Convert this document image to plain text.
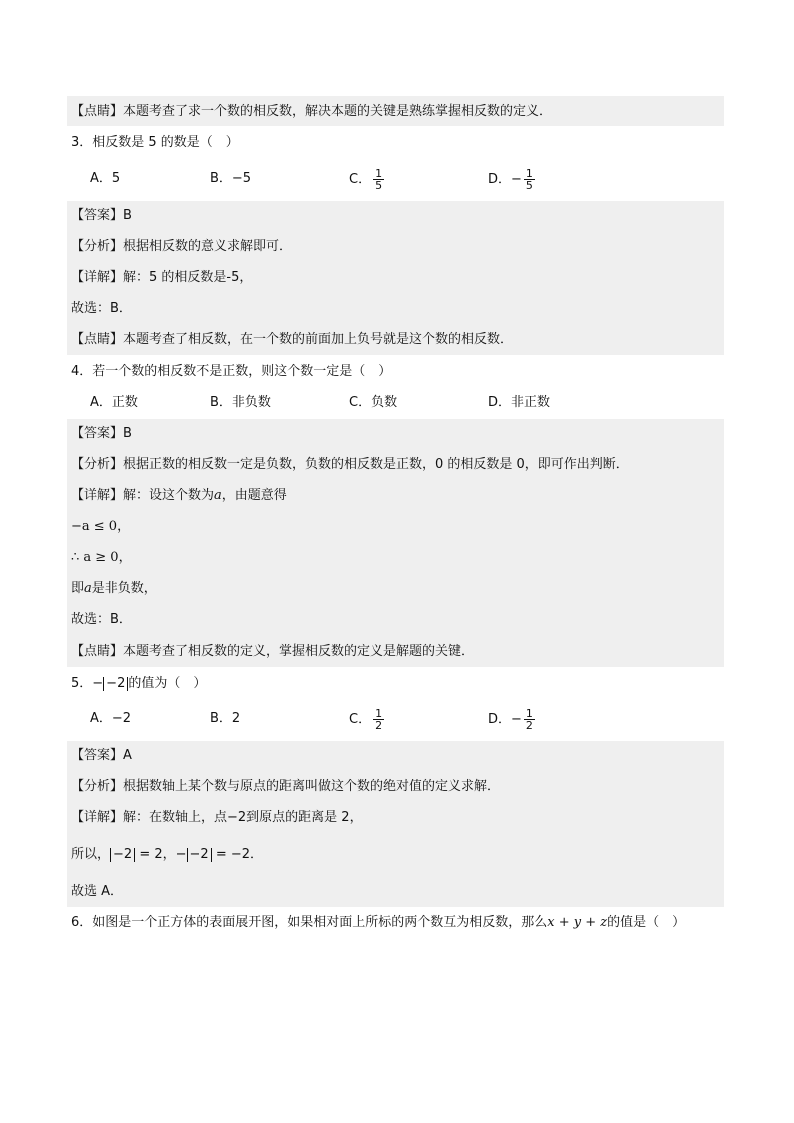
【点睛】本题考查了求一个数的相反数，解决本题的关键是熟练掌握相反数的定义．
3．相反数是 5 的数是（　）
A．5	B．−5	C． $\frac{1}{5}$	D．− $\frac{1}{5}$
【答案】B
【分析】根据相反数的意义求解即可．
【详解】解：5 的相反数是-5，
故选：B．
【点睛】本题考查了相反数，在一个数的前面加上负号就是这个数的相反数．
4．若一个数的相反数不是正数，则这个数一定是（　）
A．正数	B．非负数	C．负数	D．非正数
【答案】B
【分析】根据正数的相反数一定是负数，负数的相反数是正数，0 的相反数是 0，即可作出判断．
【详解】解：设这个数为a，由题意得
−a ≤ 0，
∴ a ≥ 0，
即a是非负数，
故选：B．
【点睛】本题考查了相反数的定义，掌握相反数的定义是解题的关键．
5．− −2 的值为（　）
A．−2	B．2	C． $\frac{1}{2}$	D．− $\frac{1}{2}$
【答案】A
【分析】根据数轴上某个数与原点的距离叫做这个数的绝对值的定义求解．
【详解】解：在数轴上，点−2到原点的距离是 2，
所以， −2 = 2，− −2 = −2．
故选 A．
6．如图是一个正方体的表面展开图，如果相对面上所标的两个数互为相反数，那么x + y + z的值是（　）
